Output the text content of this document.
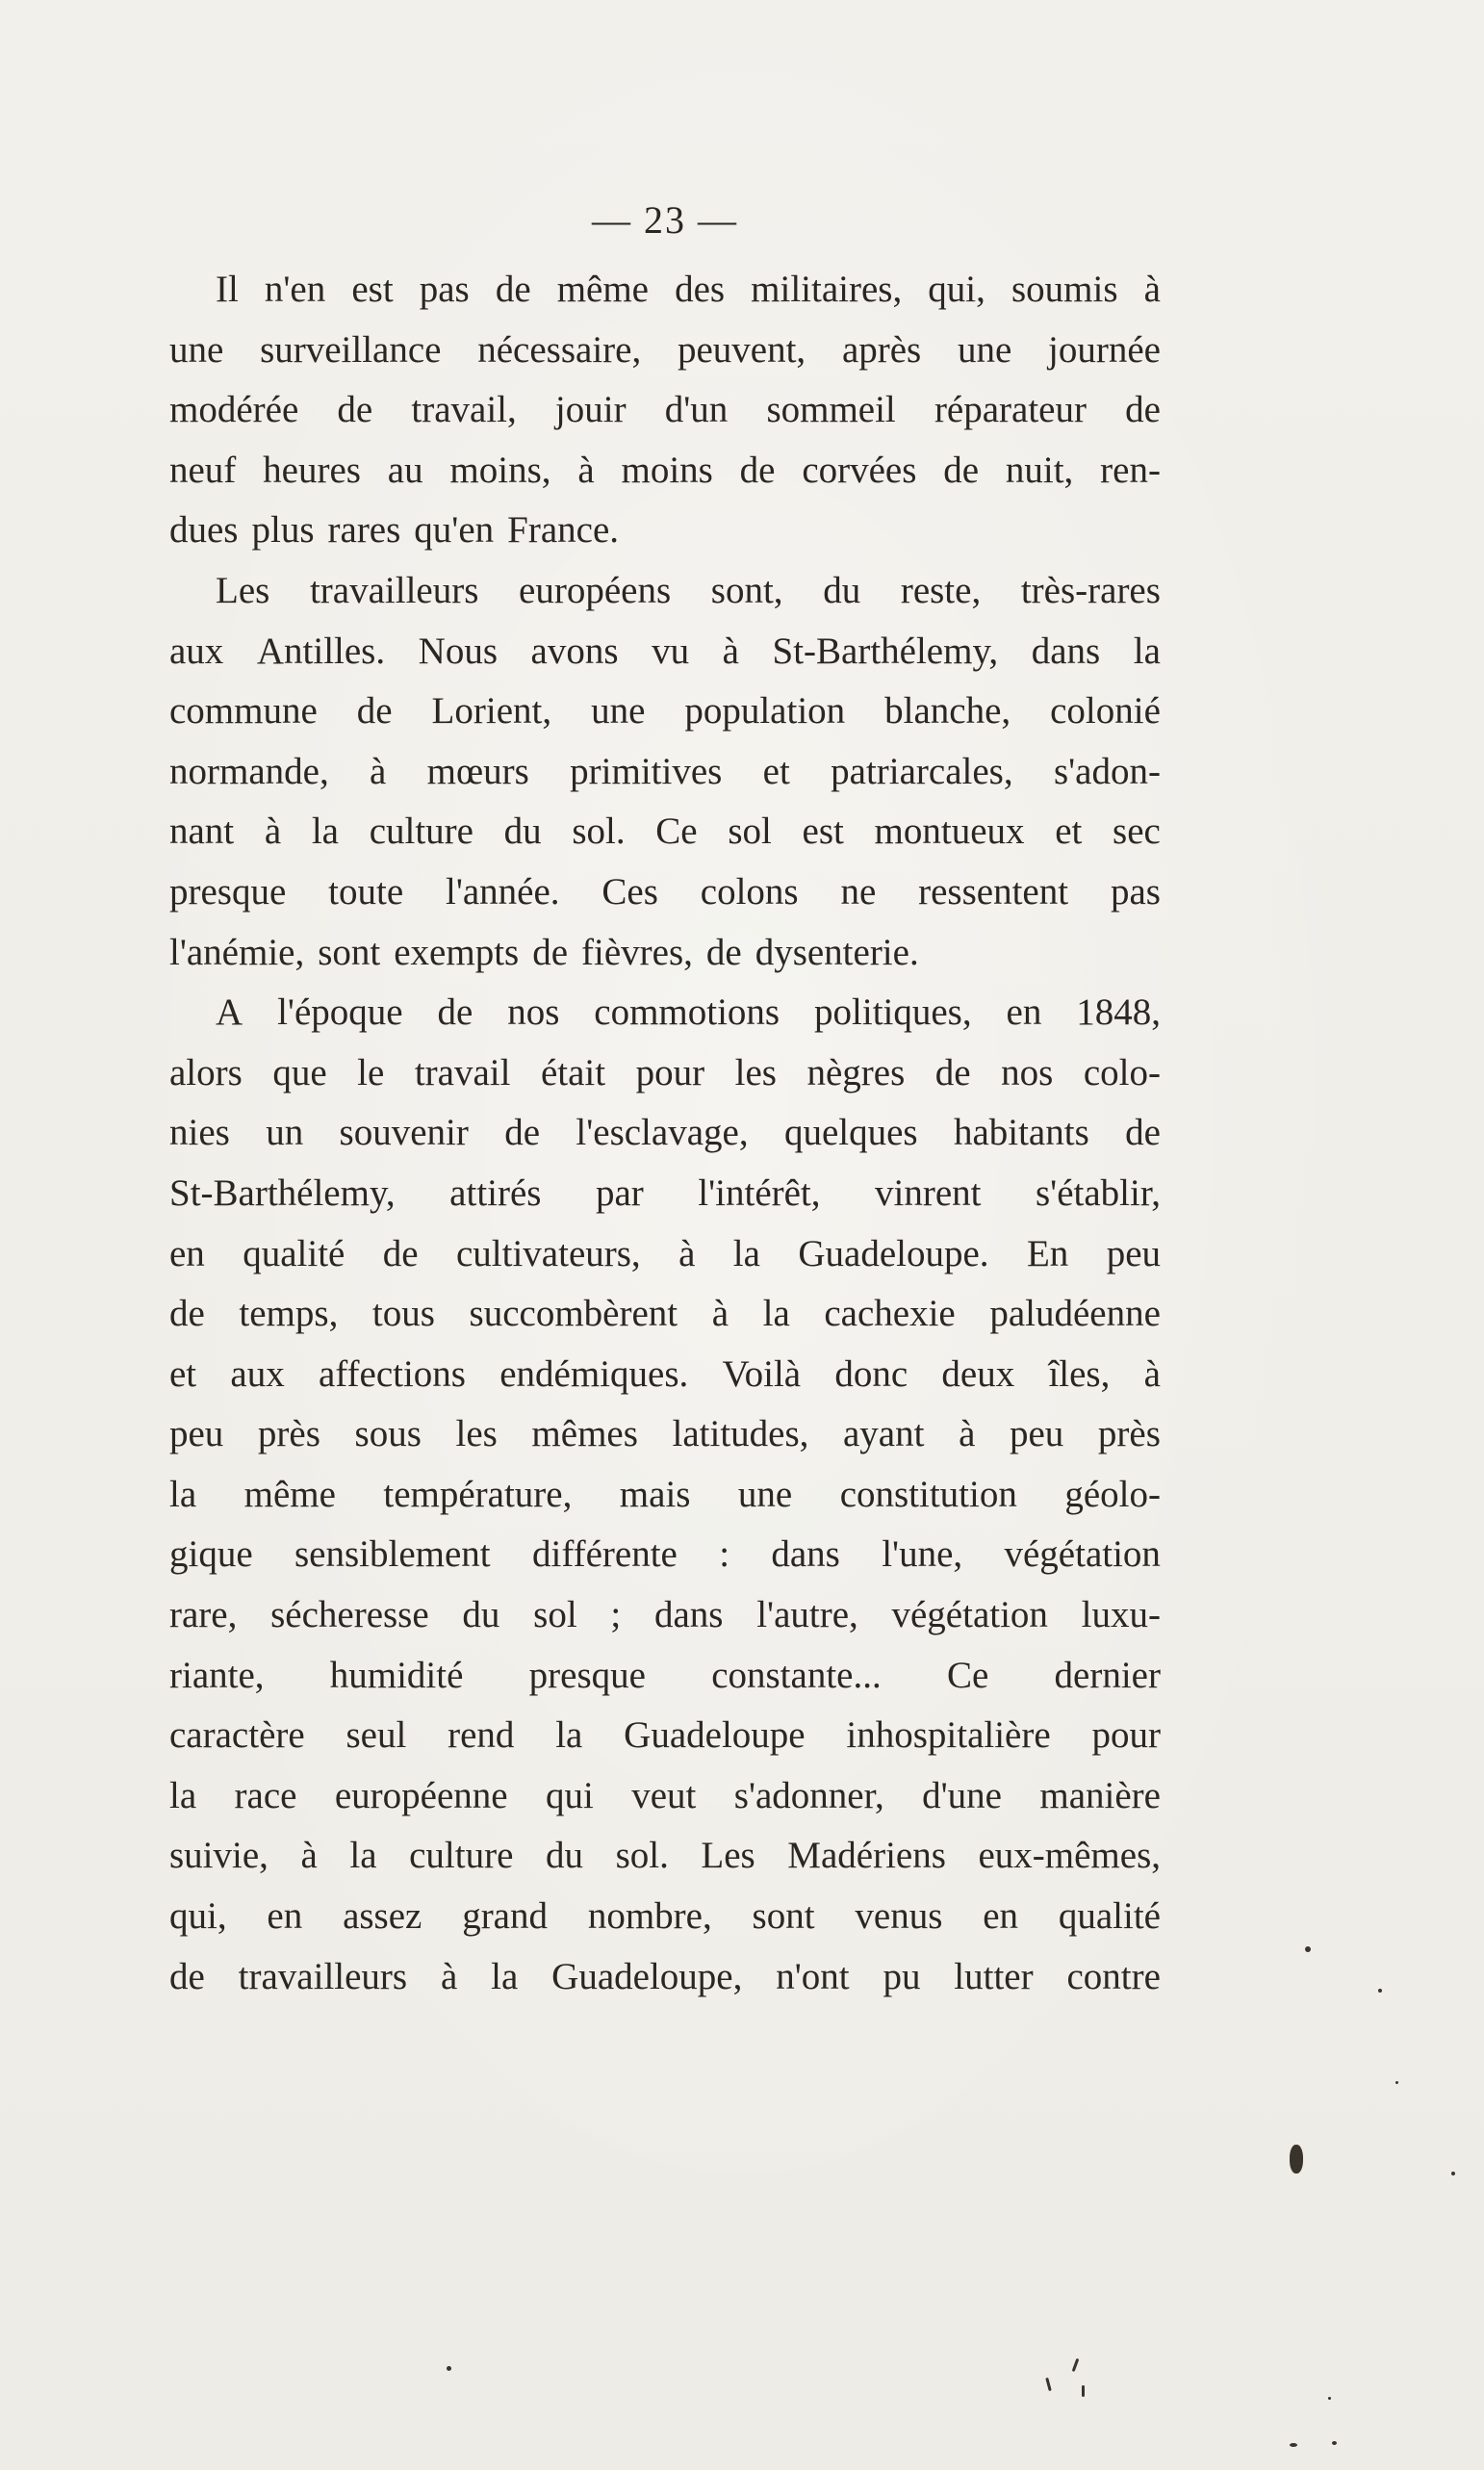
— 23 —
Il n'en est pas de même des militaires, qui, soumis à
une surveillance nécessaire, peuvent, après une journée
modérée de travail, jouir d'un sommeil réparateur de
neuf heures au moins, à moins de corvées de nuit, ren-
dues plus rares qu'en France.
Les travailleurs européens sont, du reste, très-rares
aux Antilles. Nous avons vu à St-Barthélemy, dans la
commune de Lorient, une population blanche, colonié
normande, à mœurs primitives et patriarcales, s'adon-
nant à la culture du sol. Ce sol est montueux et sec
presque toute l'année. Ces colons ne ressentent pas
l'anémie, sont exempts de fièvres, de dysenterie.
A l'époque de nos commotions politiques, en 1848,
alors que le travail était pour les nègres de nos colo-
nies un souvenir de l'esclavage, quelques habitants de
St-Barthélemy, attirés par l'intérêt, vinrent s'établir,
en qualité de cultivateurs, à la Guadeloupe. En peu
de temps, tous succombèrent à la cachexie paludéenne
et aux affections endémiques. Voilà donc deux îles, à
peu près sous les mêmes latitudes, ayant à peu près
la même température, mais une constitution géolo-
gique sensiblement différente : dans l'une, végétation
rare, sécheresse du sol ; dans l'autre, végétation luxu-
riante, humidité presque constante... Ce dernier
caractère seul rend la Guadeloupe inhospitalière pour
la race européenne qui veut s'adonner, d'une manière
suivie, à la culture du sol. Les Madériens eux-mêmes,
qui, en assez grand nombre, sont venus en qualité
de travailleurs à la Guadeloupe, n'ont pu lutter contre
